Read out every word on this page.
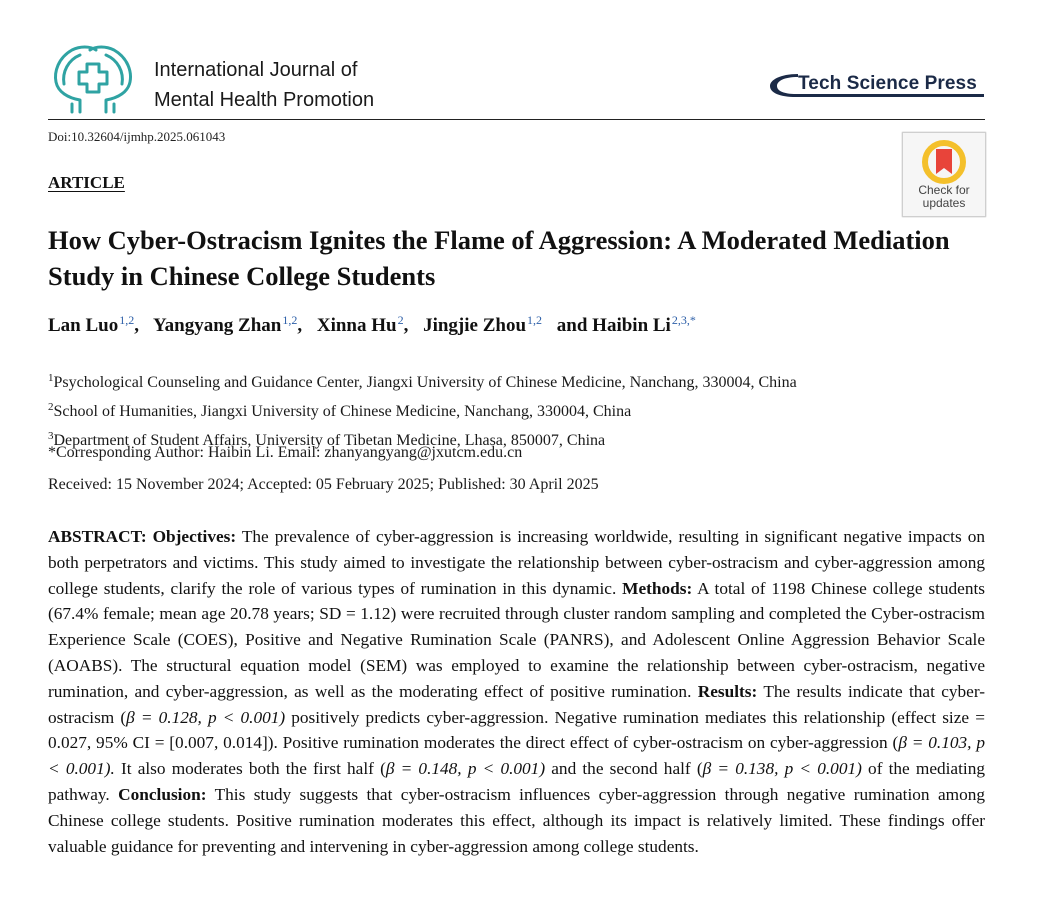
International Journal of
Mental Health Promotion
Tech Science Press
Doi:10.32604/ijmhp.2025.061043
Check for
updates
ARTICLE
How Cyber-Ostracism Ignites the Flame of Aggression: A Moderated Mediation Study in Chinese College Students
Lan Luo$^{1,2}$, Yangyang Zhan$^{1,2}$, Xinna Hu$^2$, Jingjie Zhou$^{1,2}$ and Haibin $Li^{2,3,*}$
$^1$Psychological Counseling and Guidance Center, Jiangxi University of Chinese Medicine, Nanchang, 330004, China
$^2$School of Humanities, Jiangxi University of Chinese Medicine, Nanchang, 330004, China
$^3$Department of Student Affairs, University of Tibetan Medicine, Lhasa, 850007, China
*Corresponding Author: Haibin Li. Email: zhanyangyang@jxutcm.edu.cn
Received: 15 November 2024; Accepted: 05 February 2025; Published: 30 April 2025
ABSTRACT: Objectives: The prevalence of cyber-aggression is increasing worldwide, resulting in significant negative impacts on both perpetrators and victims. This study aimed to investigate the relationship between cyber-ostracism and cyber-aggression among college students, clarify the role of various types of rumination in this dynamic. Methods: A total of 1198 Chinese college students (67.4% female; mean age 20.78 years; SD = 1.12) were recruited through cluster random sampling and completed the Cyber-ostracism Experience Scale (COES), Positive and Negative Rumination Scale (PANRS), and Adolescent Online Aggression Behavior Scale (AOABS). The structural equation model (SEM) was employed to examine the relationship between cyber-ostracism, negative rumination, and cyber-aggression, as well as the moderating effect of positive rumination. Results: The results indicate that cyber-ostracism (β = 0.128, p < 0.001) positively predicts cyber-aggression. Negative rumination mediates this relationship (effect size = 0.027, 95% CI = [0.007, 0.014]). Positive rumination moderates the direct effect of cyber-ostracism on cyber-aggression (β = 0.103, p < 0.001). It also moderates both the first half (β = 0.148, p < 0.001) and the second half (β = 0.138, p < 0.001) of the mediating pathway. Conclusion: This study suggests that cyber-ostracism influences cyber-aggression through negative rumination among Chinese college students. Positive rumination moderates this effect, although its impact is relatively limited. These findings offer valuable guidance for preventing and intervening in cyber-aggression among college students.
